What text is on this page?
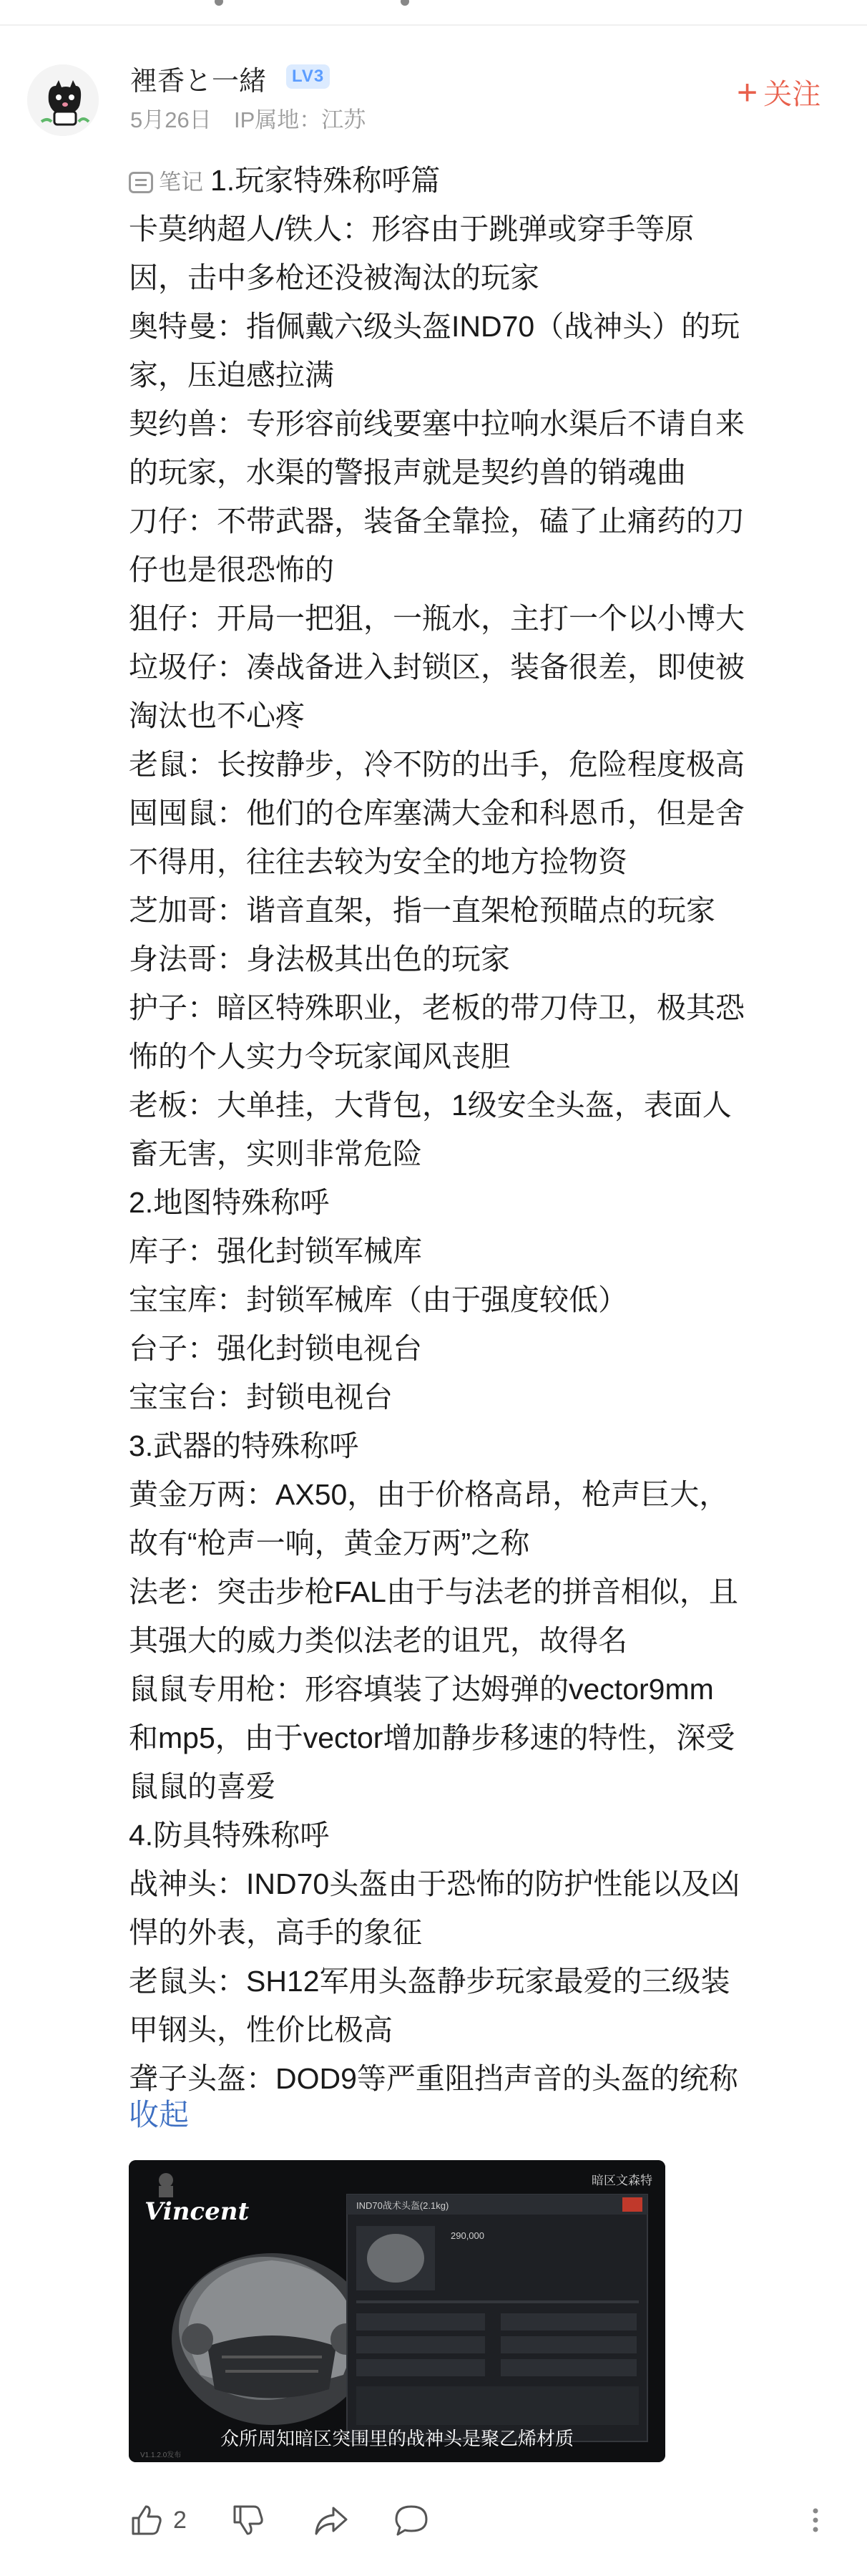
裡香と一緒	LV3
5月26日 IP属地：江苏
+ 关注
笔记 1.玩家特殊称呼篇
卡莫纳超人/铁人：形容由于跳弹或穿手等原
因，击中多枪还没被淘汰的玩家
奥特曼：指佩戴六级头盔IND70（战神头）的玩
家，压迫感拉满
契约兽：专形容前线要塞中拉响水渠后不请自来
的玩家，水渠的警报声就是契约兽的销魂曲
刀仔：不带武器，装备全靠捡，磕了止痛药的刀
仔也是很恐怖的
狙仔：开局一把狙，一瓶水，主打一个以小博大
垃圾仔：凑战备进入封锁区，装备很差，即使被
淘汰也不心疼
老鼠：长按静步，冷不防的出手，危险程度极高
囤囤鼠：他们的仓库塞满大金和科恩币，但是舍
不得用，往往去较为安全的地方捡物资
芝加哥：谐音直架，指一直架枪预瞄点的玩家
身法哥：身法极其出色的玩家
护子：暗区特殊职业，老板的带刀侍卫，极其恐
怖的个人实力令玩家闻风丧胆
老板：大单挂，大背包，1级安全头盔，表面人
畜无害，实则非常危险
2.地图特殊称呼
库子：强化封锁军械库
宝宝库：封锁军械库（由于强度较低）
台子：强化封锁电视台
宝宝台：封锁电视台
3.武器的特殊称呼
黄金万两：AX50，由于价格高昂，枪声巨大，
故有“枪声一响，黄金万两”之称
法老：突击步枪FAL由于与法老的拼音相似，且
其强大的威力类似法老的诅咒，故得名
鼠鼠专用枪：形容填装了达姆弹的vector9mm
和mp5，由于vector增加静步移速的特性，深受
鼠鼠的喜爱
4.防具特殊称呼
战神头：IND70头盔由于恐怖的防护性能以及凶
悍的外表，高手的象征
老鼠头：SH12军用头盔静步玩家最爱的三级装
甲钢头，性价比极高
聋子头盔：DOD9等严重阻挡声音的头盔的统称
收起
IND70战术头盔(2.1kg)
290,000
暗区文森特
Vincent
众所周知暗区突围里的战神头是聚乙烯材质
V1.1.2.0发布
2
